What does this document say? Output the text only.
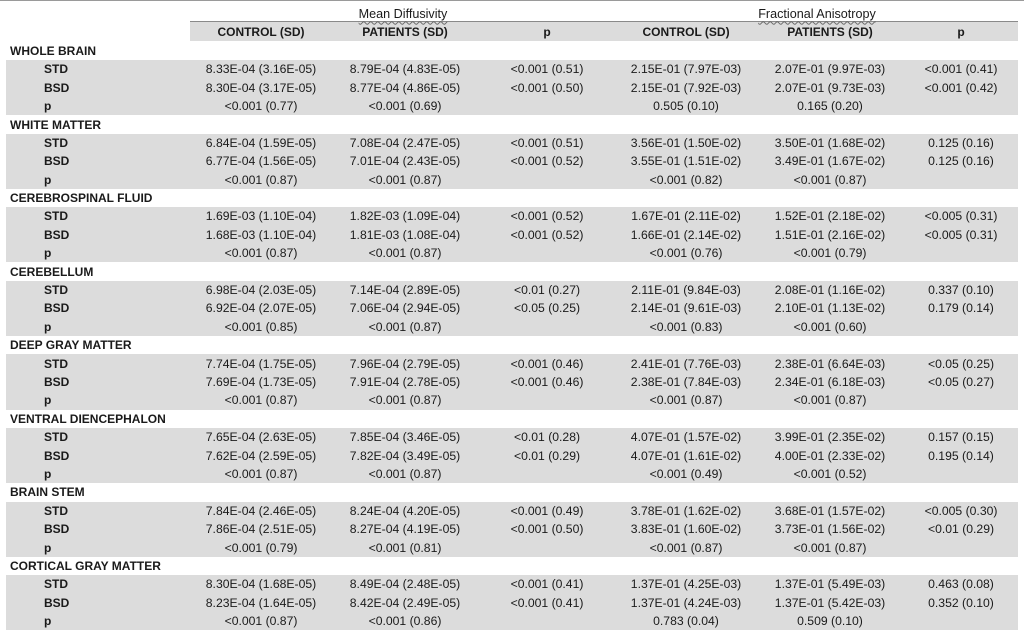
	Mean Diffusivity			Fractional Anisotropy		
	CONTROL (SD)	PATIENTS (SD)	p	CONTROL (SD)	PATIENTS (SD)	p
WHOLE BRAIN						
STD	8.33E-04 (3.16E-05)	8.79E-04 (4.83E-05)	<0.001 (0.51)	2.15E-01 (7.97E-03)	2.07E-01 (9.97E-03)	<0.001 (0.41)
BSD	8.30E-04 (3.17E-05)	8.77E-04 (4.86E-05)	<0.001 (0.50)	2.15E-01 (7.92E-03)	2.07E-01 (9.73E-03)	<0.001 (0.42)
p	<0.001 (0.77)	<0.001 (0.69)		0.505 (0.10)	0.165 (0.20)	
WHITE MATTER						
STD	6.84E-04 (1.59E-05)	7.08E-04 (2.47E-05)	<0.001 (0.51)	3.56E-01 (1.50E-02)	3.50E-01 (1.68E-02)	0.125 (0.16)
BSD	6.77E-04 (1.56E-05)	7.01E-04 (2.43E-05)	<0.001 (0.52)	3.55E-01 (1.51E-02)	3.49E-01 (1.67E-02)	0.125 (0.16)
p	<0.001 (0.87)	<0.001 (0.87)		<0.001 (0.82)	<0.001 (0.87)	
CEREBROSPINAL FLUID						
STD	1.69E-03 (1.10E-04)	1.82E-03 (1.09E-04)	<0.001 (0.52)	1.67E-01 (2.11E-02)	1.52E-01 (2.18E-02)	<0.005 (0.31)
BSD	1.68E-03 (1.10E-04)	1.81E-03 (1.08E-04)	<0.001 (0.52)	1.66E-01 (2.14E-02)	1.51E-01 (2.16E-02)	<0.005 (0.31)
p	<0.001 (0.87)	<0.001 (0.87)		<0.001 (0.76)	<0.001 (0.79)	
CEREBELLUM						
STD	6.98E-04 (2.03E-05)	7.14E-04 (2.89E-05)	<0.01 (0.27)	2.11E-01 (9.84E-03)	2.08E-01 (1.16E-02)	0.337 (0.10)
BSD	6.92E-04 (2.07E-05)	7.06E-04 (2.94E-05)	<0.05 (0.25)	2.14E-01 (9.61E-03)	2.10E-01 (1.13E-02)	0.179 (0.14)
p	<0.001 (0.85)	<0.001 (0.87)		<0.001 (0.83)	<0.001 (0.60)	
DEEP GRAY MATTER						
STD	7.74E-04 (1.75E-05)	7.96E-04 (2.79E-05)	<0.001 (0.46)	2.41E-01 (7.76E-03)	2.38E-01 (6.64E-03)	<0.05 (0.25)
BSD	7.69E-04 (1.73E-05)	7.91E-04 (2.78E-05)	<0.001 (0.46)	2.38E-01 (7.84E-03)	2.34E-01 (6.18E-03)	<0.05 (0.27)
p	<0.001 (0.87)	<0.001 (0.87)		<0.001 (0.87)	<0.001 (0.87)	
VENTRAL DIENCEPHALON						
STD	7.65E-04 (2.63E-05)	7.85E-04 (3.46E-05)	<0.01 (0.28)	4.07E-01 (1.57E-02)	3.99E-01 (2.35E-02)	0.157 (0.15)
BSD	7.62E-04 (2.59E-05)	7.82E-04 (3.49E-05)	<0.01 (0.29)	4.07E-01 (1.61E-02)	4.00E-01 (2.33E-02)	0.195 (0.14)
p	<0.001 (0.87)	<0.001 (0.87)		<0.001 (0.49)	<0.001 (0.52)	
BRAIN STEM						
STD	7.84E-04 (2.46E-05)	8.24E-04 (4.20E-05)	<0.001 (0.49)	3.78E-01 (1.62E-02)	3.68E-01 (1.57E-02)	<0.005 (0.30)
BSD	7.86E-04 (2.51E-05)	8.27E-04 (4.19E-05)	<0.001 (0.50)	3.83E-01 (1.60E-02)	3.73E-01 (1.56E-02)	<0.01 (0.29)
p	<0.001 (0.79)	<0.001 (0.81)		<0.001 (0.87)	<0.001 (0.87)	
CORTICAL GRAY MATTER						
STD	8.30E-04 (1.68E-05)	8.49E-04 (2.48E-05)	<0.001 (0.41)	1.37E-01 (4.25E-03)	1.37E-01 (5.49E-03)	0.463 (0.08)
BSD	8.23E-04 (1.64E-05)	8.42E-04 (2.49E-05)	<0.001 (0.41)	1.37E-01 (4.24E-03)	1.37E-01 (5.42E-03)	0.352 (0.10)
p	<0.001 (0.87)	<0.001 (0.86)		0.783 (0.04)	0.509 (0.10)	
